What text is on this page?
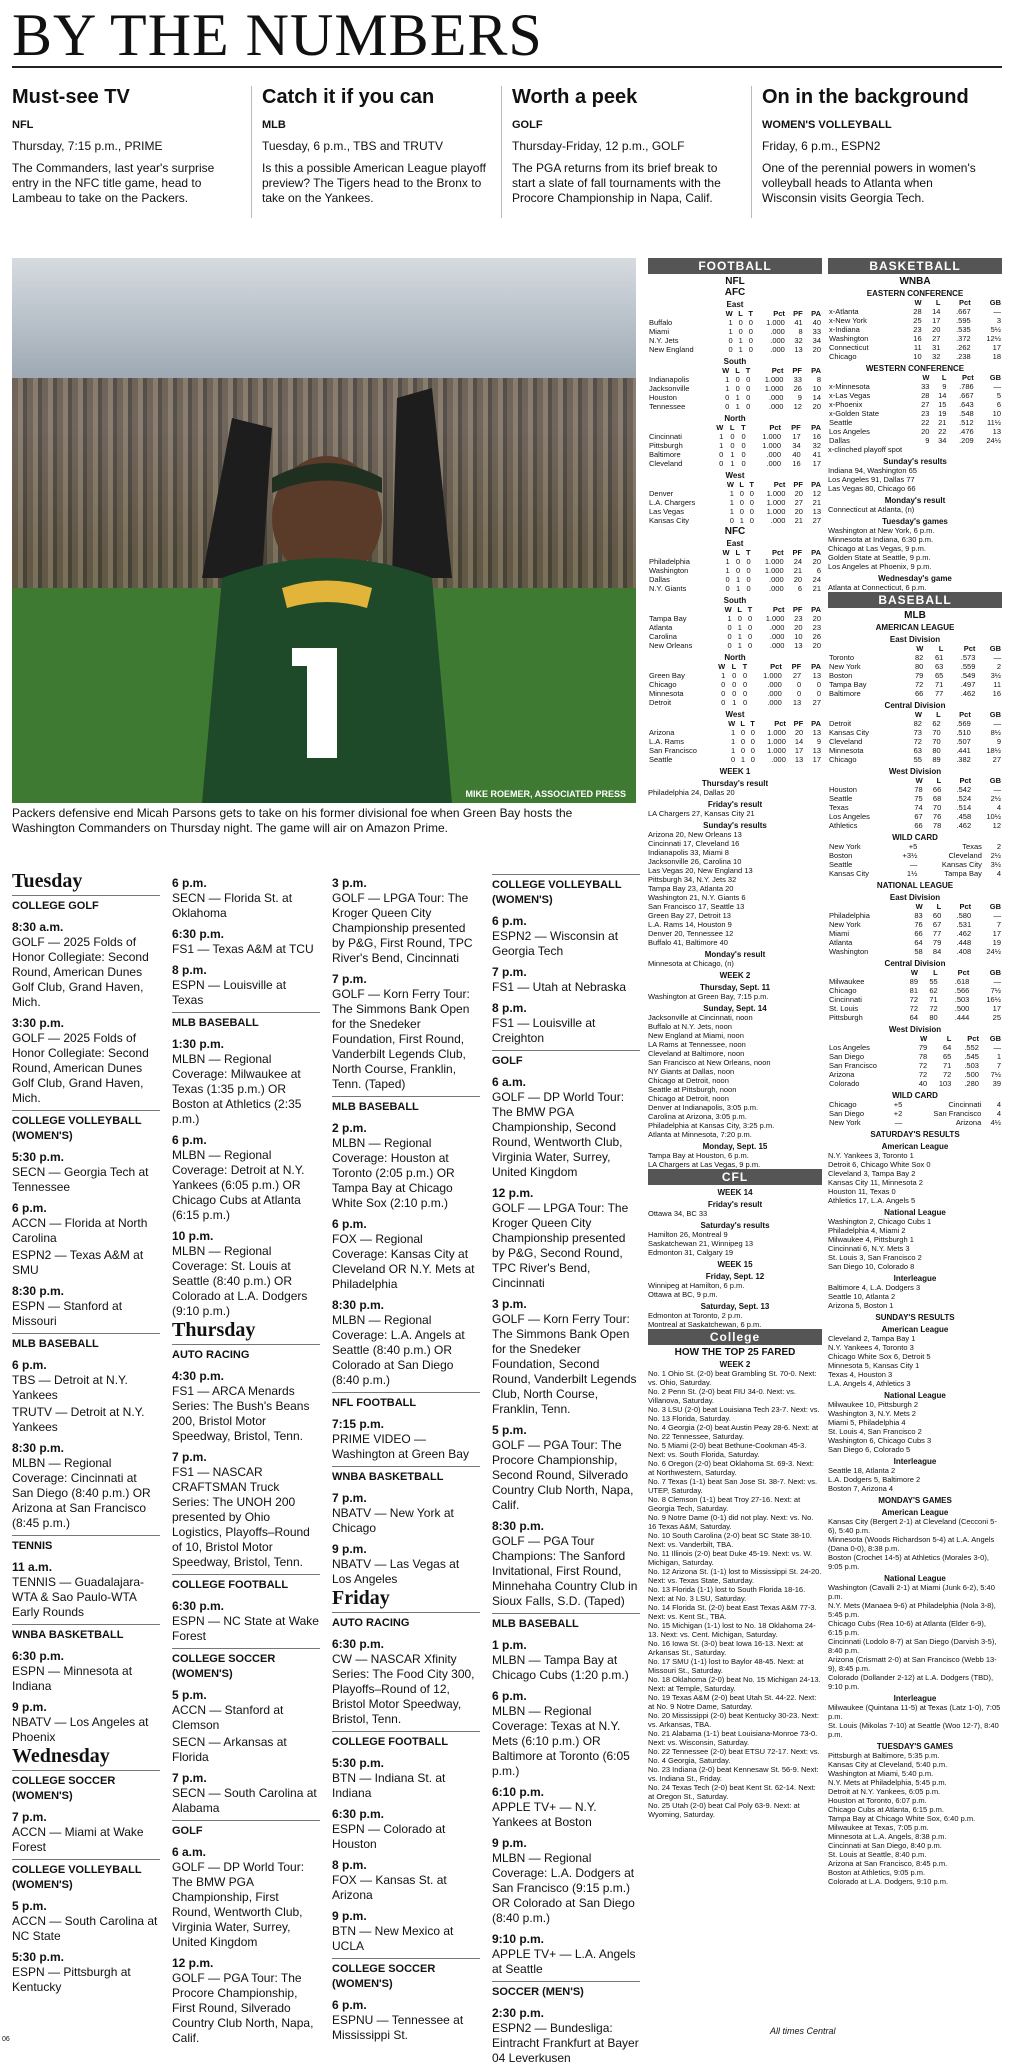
BY THE NUMBERS
Must-see TV
NFL
Thursday, 7:15 p.m., PRIME
The Commanders, last year's surprise entry in the NFC title game, head to Lambeau to take on the Packers.
Catch it if you can
MLB
Tuesday, 6 p.m., TBS and TRUTV
Is this a possible American League playoff preview? The Tigers head to the Bronx to take on the Yankees.
Worth a peek
GOLF
Thursday-Friday, 12 p.m., GOLF
The PGA returns from its brief break to start a slate of fall tournaments with the Procore Championship in Napa, Calif.
On in the background
WOMEN'S VOLLEYBALL
Friday, 6 p.m., ESPN2
One of the perennial powers in women's volleyball heads to Atlanta when Wisconsin visits Georgia Tech.
MIKE ROEMER, ASSOCIATED PRESS
Packers defensive end Micah Parsons gets to take on his former divisional foe when Green Bay hosts the Washington Commanders on Thursday night. The game will air on Amazon Prime.
Tuesday
COLLEGE GOLF
8:30 a.m.
GOLF — 2025 Folds of Honor Collegiate: Second Round, American Dunes Golf Club, Grand Haven, Mich.
3:30 p.m.
GOLF — 2025 Folds of Honor Collegiate: Second Round, American Dunes Golf Club, Grand Haven, Mich.
COLLEGE VOLLEYBALL (WOMEN'S)
5:30 p.m.
SECN — Georgia Tech at Tennessee
6 p.m.
ACCN — Florida at North Carolina
ESPN2 — Texas A&M at SMU
8:30 p.m.
ESPN — Stanford at Missouri
MLB BASEBALL
6 p.m.
TBS — Detroit at N.Y. Yankees
TRUTV — Detroit at N.Y. Yankees
8:30 p.m.
MLBN — Regional Coverage: Cincinnati at San Diego (8:40 p.m.) OR Arizona at San Francisco (8:45 p.m.)
TENNIS
11 a.m.
TENNIS — Guadalajara-WTA & Sao Paulo-WTA Early Rounds
WNBA BASKETBALL
6:30 p.m.
ESPN — Minnesota at Indiana
9 p.m.
NBATV — Los Angeles at Phoenix
Wednesday
COLLEGE SOCCER (WOMEN'S)
7 p.m.
ACCN — Miami at Wake Forest
COLLEGE VOLLEYBALL (WOMEN'S)
5 p.m.
ACCN — South Carolina at NC State
5:30 p.m.
ESPN — Pittsburgh at Kentucky
6 p.m.
SECN — Florida St. at Oklahoma
6:30 p.m.
FS1 — Texas A&M at TCU
8 p.m.
ESPN — Louisville at Texas
MLB BASEBALL
1:30 p.m.
MLBN — Regional Coverage: Milwaukee at Texas (1:35 p.m.) OR Boston at Athletics (2:35 p.m.)
6 p.m.
MLBN — Regional Coverage: Detroit at N.Y. Yankees (6:05 p.m.) OR Chicago Cubs at Atlanta (6:15 p.m.)
10 p.m.
MLBN — Regional Coverage: St. Louis at Seattle (8:40 p.m.) OR Colorado at L.A. Dodgers (9:10 p.m.)
Thursday
AUTO RACING
4:30 p.m.
FS1 — ARCA Menards Series: The Bush's Beans 200, Bristol Motor Speedway, Bristol, Tenn.
7 p.m.
FS1 — NASCAR CRAFTSMAN Truck Series: The UNOH 200 presented by Ohio Logistics, Playoffs–Round of 10, Bristol Motor Speedway, Bristol, Tenn.
COLLEGE FOOTBALL
6:30 p.m.
ESPN — NC State at Wake Forest
COLLEGE SOCCER (WOMEN'S)
5 p.m.
ACCN — Stanford at Clemson
SECN — Arkansas at Florida
7 p.m.
SECN — South Carolina at Alabama
GOLF
6 a.m.
GOLF — DP World Tour: The BMW PGA Championship, First Round, Wentworth Club, Virginia Water, Surrey, United Kingdom
12 p.m.
GOLF — PGA Tour: The Procore Championship, First Round, Silverado Country Club North, Napa, Calif.
3 p.m.
GOLF — LPGA Tour: The Kroger Queen City Championship presented by P&G, First Round, TPC River's Bend, Cincinnati
7 p.m.
GOLF — Korn Ferry Tour: The Simmons Bank Open for the Snedeker Foundation, First Round, Vanderbilt Legends Club, North Course, Franklin, Tenn. (Taped)
MLB BASEBALL
2 p.m.
MLBN — Regional Coverage: Houston at Toronto (2:05 p.m.) OR Tampa Bay at Chicago White Sox (2:10 p.m.)
6 p.m.
FOX — Regional Coverage: Kansas City at Cleveland OR N.Y. Mets at Philadelphia
8:30 p.m.
MLBN — Regional Coverage: L.A. Angels at Seattle (8:40 p.m.) OR Colorado at San Diego (8:40 p.m.)
NFL FOOTBALL
7:15 p.m.
PRIME VIDEO — Washington at Green Bay
WNBA BASKETBALL
7 p.m.
NBATV — New York at Chicago
9 p.m.
NBATV — Las Vegas at Los Angeles
Friday
AUTO RACING
6:30 p.m.
CW — NASCAR Xfinity Series: The Food City 300, Playoffs–Round of 12, Bristol Motor Speedway, Bristol, Tenn.
COLLEGE FOOTBALL
5:30 p.m.
BTN — Indiana St. at Indiana
6:30 p.m.
ESPN — Colorado at Houston
8 p.m.
FOX — Kansas St. at Arizona
9 p.m.
BTN — New Mexico at UCLA
COLLEGE SOCCER (WOMEN'S)
6 p.m.
ESPNU — Tennessee at Mississippi St.
COLLEGE VOLLEYBALL (WOMEN'S)
6 p.m.
ESPN2 — Wisconsin at Georgia Tech
7 p.m.
FS1 — Utah at Nebraska
8 p.m.
FS1 — Louisville at Creighton
GOLF
6 a.m.
GOLF — DP World Tour: The BMW PGA Championship, Second Round, Wentworth Club, Virginia Water, Surrey, United Kingdom
12 p.m.
GOLF — LPGA Tour: The Kroger Queen City Championship presented by P&G, Second Round, TPC River's Bend, Cincinnati
3 p.m.
GOLF — Korn Ferry Tour: The Simmons Bank Open for the Snedeker Foundation, Second Round, Vanderbilt Legends Club, North Course, Franklin, Tenn.
5 p.m.
GOLF — PGA Tour: The Procore Championship, Second Round, Silverado Country Club North, Napa, Calif.
8:30 p.m.
GOLF — PGA Tour Champions: The Sanford Invitational, First Round, Minnehaha Country Club in Sioux Falls, S.D. (Taped)
MLB BASEBALL
1 p.m.
MLBN — Tampa Bay at Chicago Cubs (1:20 p.m.)
6 p.m.
MLBN — Regional Coverage: Texas at N.Y. Mets (6:10 p.m.) OR Baltimore at Toronto (6:05 p.m.)
6:10 p.m.
APPLE TV+ — N.Y. Yankees at Boston
9 p.m.
MLBN — Regional Coverage: L.A. Dodgers at San Francisco (9:15 p.m.) OR Colorado at San Diego (8:40 p.m.)
9:10 p.m.
APPLE TV+ — L.A. Angels at Seattle
SOCCER (MEN'S)
2:30 p.m.
ESPN2 — Bundesliga: Eintracht Frankfurt at Bayer 04 Leverkusen
FOOTBALL
NFL
AFC
East
	W	L	T	Pct	PF	PA
Buffalo	1	0	0	1.000	41	40
Miami	1	0	0	.000	8	33
N.Y. Jets	0	1	0	.000	32	34
New England	0	1	0	.000	13	20
South
	W	L	T	Pct	PF	PA
Indianapolis	1	0	0	1.000	33	8
Jacksonville	1	0	0	1.000	26	10
Houston	0	1	0	.000	9	14
Tennessee	0	1	0	.000	12	20
North
	W	L	T	Pct	PF	PA
Cincinnati	1	0	0	1.000	17	16
Pittsburgh	1	0	0	1.000	34	32
Baltimore	0	1	0	.000	40	41
Cleveland	0	1	0	.000	16	17
West
	W	L	T	Pct	PF	PA
Denver	1	0	0	1.000	20	12
L.A. Chargers	1	0	0	1.000	27	21
Las Vegas	1	0	0	1.000	20	13
Kansas City	0	1	0	.000	21	27
NFC
East
	W	L	T	Pct	PF	PA
Philadelphia	1	0	0	1.000	24	20
Washington	1	0	0	1.000	21	6
Dallas	0	1	0	.000	20	24
N.Y. Giants	0	1	0	.000	6	21
South
	W	L	T	Pct	PF	PA
Tampa Bay	1	0	0	1.000	23	20
Atlanta	0	1	0	.000	20	23
Carolina	0	1	0	.000	10	26
New Orleans	0	1	0	.000	13	20
North
	W	L	T	Pct	PF	PA
Green Bay	1	0	0	1.000	27	13
Chicago	0	0	0	.000	0	0
Minnesota	0	0	0	.000	0	0
Detroit	0	1	0	.000	13	27
West
	W	L	T	Pct	PF	PA
Arizona	1	0	0	1.000	20	13
L.A. Rams	1	0	0	1.000	14	9
San Francisco	1	0	0	1.000	17	13
Seattle	0	1	0	.000	13	17
WEEK 1
Thursday's result
Philadelphia 24, Dallas 20
Friday's result
LA Chargers 27, Kansas City 21
Sunday's results
Arizona 20, New Orleans 13
Cincinnati 17, Cleveland 16
Indianapolis 33, Miami 8
Jacksonville 26, Carolina 10
Las Vegas 20, New England 13
Pittsburgh 34, N.Y. Jets 32
Tampa Bay 23, Atlanta 20
Washington 21, N.Y. Giants 6
San Francisco 17, Seattle 13
Green Bay 27, Detroit 13
L.A. Rams 14, Houston 9
Denver 20, Tennessee 12
Buffalo 41, Baltimore 40
Monday's result
Minnesota at Chicago, (n)
WEEK 2
Thursday, Sept. 11
Washington at Green Bay, 7:15 p.m.
Sunday, Sept. 14
Jacksonville at Cincinnati, noon
Buffalo at N.Y. Jets, noon
New England at Miami, noon
LA Rams at Tennessee, noon
Cleveland at Baltimore, noon
San Francisco at New Orleans, noon
NY Giants at Dallas, noon
Chicago at Detroit, noon
Seattle at Pittsburgh, noon
Chicago at Detroit, noon
Denver at Indianapolis, 3:05 p.m.
Carolina at Arizona, 3:05 p.m.
Philadelphia at Kansas City, 3:25 p.m.
Atlanta at Minnesota, 7:20 p.m.
Monday, Sept. 15
Tampa Bay at Houston, 6 p.m.
LA Chargers at Las Vegas, 9 p.m.
CFL
WEEK 14
Friday's result
Ottawa 34, BC 33
Saturday's results
Hamilton 26, Montreal 9
Saskatchewan 21, Winnipeg 13
Edmonton 31, Calgary 19
WEEK 15
Friday, Sept. 12
Winnipeg at Hamilton, 6 p.m.
Ottawa at BC, 9 p.m.
Saturday, Sept. 13
Edmonton at Toronto, 2 p.m.
Montreal at Saskatchewan, 6 p.m.
College
HOW THE TOP 25 FARED
WEEK 2
No. 1 Ohio St. (2-0) beat Grambling St. 70-0. Next: vs. Ohio, Saturday.
No. 2 Penn St. (2-0) beat FIU 34-0. Next: vs. Villanova, Saturday.
No. 3 LSU (2-0) beat Louisiana Tech 23-7. Next: vs. No. 13 Florida, Saturday.
No. 4 Georgia (2-0) beat Austin Peay 28-6. Next: at No. 22 Tennessee, Saturday.
No. 5 Miami (2-0) beat Bethune-Cookman 45-3. Next: vs. South Florida, Saturday.
No. 6 Oregon (2-0) beat Oklahoma St. 69-3. Next: at Northwestern, Saturday.
No. 7 Texas (1-1) beat San Jose St. 38-7. Next: vs. UTEP, Saturday.
No. 8 Clemson (1-1) beat Troy 27-16. Next: at Georgia Tech, Saturday.
No. 9 Notre Dame (0-1) did not play. Next: vs. No. 16 Texas A&M, Saturday.
No. 10 South Carolina (2-0) beat SC State 38-10. Next: vs. Vanderbilt, TBA.
No. 11 Illinois (2-0) beat Duke 45-19. Next: vs. W. Michigan, Saturday.
No. 12 Arizona St. (1-1) lost to Mississippi St. 24-20. Next: vs. Texas State, Saturday.
No. 13 Florida (1-1) lost to South Florida 18-16. Next: at No. 3 LSU, Saturday.
No. 14 Florida St. (2-0) beat East Texas A&M 77-3. Next: vs. Kent St., TBA.
No. 15 Michigan (1-1) lost to No. 18 Oklahoma 24-13. Next: vs. Cent. Michigan, Saturday.
No. 16 Iowa St. (3-0) beat Iowa 16-13. Next: at Arkansas St., Saturday.
No. 17 SMU (1-1) lost to Baylor 48-45. Next: at Missouri St., Saturday.
No. 18 Oklahoma (2-0) beat No. 15 Michigan 24-13. Next: at Temple, Saturday.
No. 19 Texas A&M (2-0) beat Utah St. 44-22. Next: at No. 9 Notre Dame, Saturday.
No. 20 Mississippi (2-0) beat Kentucky 30-23. Next: vs. Arkansas, TBA.
No. 21 Alabama (1-1) beat Louisiana-Monroe 73-0. Next: vs. Wisconsin, Saturday.
No. 22 Tennessee (2-0) beat ETSU 72-17. Next: vs. No. 4 Georgia, Saturday.
No. 23 Indiana (2-0) beat Kennesaw St. 56-9. Next: vs. Indiana St., Friday.
No. 24 Texas Tech (2-0) beat Kent St. 62-14. Next: at Oregon St., Saturday.
No. 25 Utah (2-0) beat Cal Poly 63-9. Next: at Wyoming, Saturday.
BASKETBALL
WNBA
EASTERN CONFERENCE
	W	L	Pct	GB
x-Atlanta	28	14	.667	—
x-New York	25	17	.595	3
x-Indiana	23	20	.535	5½
Washington	16	27	.372	12½
Connecticut	11	31	.262	17
Chicago	10	32	.238	18
WESTERN CONFERENCE
	W	L	Pct	GB
x-Minnesota	33	9	.786	—
x-Las Vegas	28	14	.667	5
x-Phoenix	27	15	.643	6
x-Golden State	23	19	.548	10
Seattle	22	21	.512	11½
Los Angeles	20	22	.476	13
Dallas	9	34	.209	24½
x-clinched playoff spot
Sunday's results
Indiana 94, Washington 65
Los Angeles 91, Dallas 77
Las Vegas 80, Chicago 66
Monday's result
Connecticut at Atlanta, (n)
Tuesday's games
Washington at New York, 6 p.m.
Minnesota at Indiana, 6:30 p.m.
Chicago at Las Vegas, 9 p.m.
Golden State at Seattle, 9 p.m.
Los Angeles at Phoenix, 9 p.m.
Wednesday's game
Atlanta at Connecticut, 6 p.m.
BASEBALL
MLB
AMERICAN LEAGUE
East Division
	W	L	Pct	GB
Toronto	82	61	.573	—
New York	80	63	.559	2
Boston	79	65	.549	3½
Tampa Bay	72	71	.497	11
Baltimore	66	77	.462	16
Central Division
	W	L	Pct	GB
Detroit	82	62	.569	—
Kansas City	73	70	.510	8½
Cleveland	72	70	.507	9
Minnesota	63	80	.441	18½
Chicago	55	89	.382	27
West Division
	W	L	Pct	GB
Houston	78	66	.542	—
Seattle	75	68	.524	2½
Texas	74	70	.514	4
Los Angeles	67	76	.458	10½
Athletics	66	78	.462	12
WILD CARD
New York	+5	Texas	2
Boston	+3½	Cleveland	2½
Seattle	—	Kansas City	3½
Kansas City	1½	Tampa Bay	4
NATIONAL LEAGUE
East Division
	W	L	Pct	GB
Philadelphia	83	60	.580	—
New York	76	67	.531	7
Miami	66	77	.462	17
Atlanta	64	79	.448	19
Washington	58	84	.408	24½
Central Division
	W	L	Pct	GB
Milwaukee	89	55	.618	—
Chicago	81	62	.566	7½
Cincinnati	72	71	.503	16½
St. Louis	72	72	.500	17
Pittsburgh	64	80	.444	25
West Division
	W	L	Pct	GB
Los Angeles	79	64	.552	—
San Diego	78	65	.545	1
San Francisco	72	71	.503	7
Arizona	72	72	.500	7½
Colorado	40	103	.280	39
WILD CARD
Chicago	+5	Cincinnati	4
San Diego	+2	San Francisco	4
New York	—	Arizona	4½
SATURDAY'S RESULTS
American League
N.Y. Yankees 3, Toronto 1
Detroit 6, Chicago White Sox 0
Cleveland 3, Tampa Bay 2
Kansas City 11, Minnesota 2
Houston 11, Texas 0
Athletics 17, L.A. Angels 5
National League
Washington 2, Chicago Cubs 1
Philadelphia 4, Miami 2
Milwaukee 4, Pittsburgh 1
Cincinnati 6, N.Y. Mets 3
St. Louis 3, San Francisco 2
San Diego 10, Colorado 8
Interleague
Baltimore 4, L.A. Dodgers 3
Seattle 10, Atlanta 2
Arizona 5, Boston 1
SUNDAY'S RESULTS
American League
Cleveland 2, Tampa Bay 1
N.Y. Yankees 4, Toronto 3
Chicago White Sox 6, Detroit 5
Minnesota 5, Kansas City 1
Texas 4, Houston 3
L.A. Angels 4, Athletics 3
National League
Milwaukee 10, Pittsburgh 2
Washington 3, N.Y. Mets 2
Miami 5, Philadelphia 4
St. Louis 4, San Francisco 2
Washington 6, Chicago Cubs 3
San Diego 6, Colorado 5
Interleague
Seattle 18, Atlanta 2
L.A. Dodgers 5, Baltimore 2
Boston 7, Arizona 4
MONDAY'S GAMES
American League
Kansas City (Bergert 2-1) at Cleveland (Cecconi 5-6), 5:40 p.m.
Minnesota (Woods Richardson 5-4) at L.A. Angels (Dana 0-0), 8:38 p.m.
Boston (Crochet 14-5) at Athletics (Morales 3-0), 9:05 p.m.
National League
Washington (Cavalli 2-1) at Miami (Junk 6-2), 5:40 p.m.
N.Y. Mets (Manaea 9-6) at Philadelphia (Nola 3-8), 5:45 p.m.
Chicago Cubs (Rea 10-6) at Atlanta (Elder 6-9), 6:15 p.m.
Cincinnati (Lodolo 8-7) at San Diego (Darvish 3-5), 8:40 p.m.
Arizona (Crismatt 2-0) at San Francisco (Webb 13-9), 8:45 p.m.
Colorado (Dollander 2-12) at L.A. Dodgers (TBD), 9:10 p.m.
Interleague
Milwaukee (Quintana 11-5) at Texas (Latz 1-0), 7:05 p.m.
St. Louis (Mikolas 7-10) at Seattle (Woo 12-7), 8:40 p.m.
TUESDAY'S GAMES
Pittsburgh at Baltimore, 5:35 p.m.
Kansas City at Cleveland, 5:40 p.m.
Washington at Miami, 5:40 p.m.
N.Y. Mets at Philadelphia, 5:45 p.m.
Detroit at N.Y. Yankees, 6:05 p.m.
Houston at Toronto, 6:07 p.m.
Chicago Cubs at Atlanta, 6:15 p.m.
Tampa Bay at Chicago White Sox, 6:40 p.m.
Milwaukee at Texas, 7:05 p.m.
Minnesota at L.A. Angels, 8:38 p.m.
Cincinnati at San Diego, 8:40 p.m.
St. Louis at Seattle, 8:40 p.m.
Arizona at San Francisco, 8:45 p.m.
Boston at Athletics, 9:05 p.m.
Colorado at L.A. Dodgers, 9:10 p.m.
All times Central
06
